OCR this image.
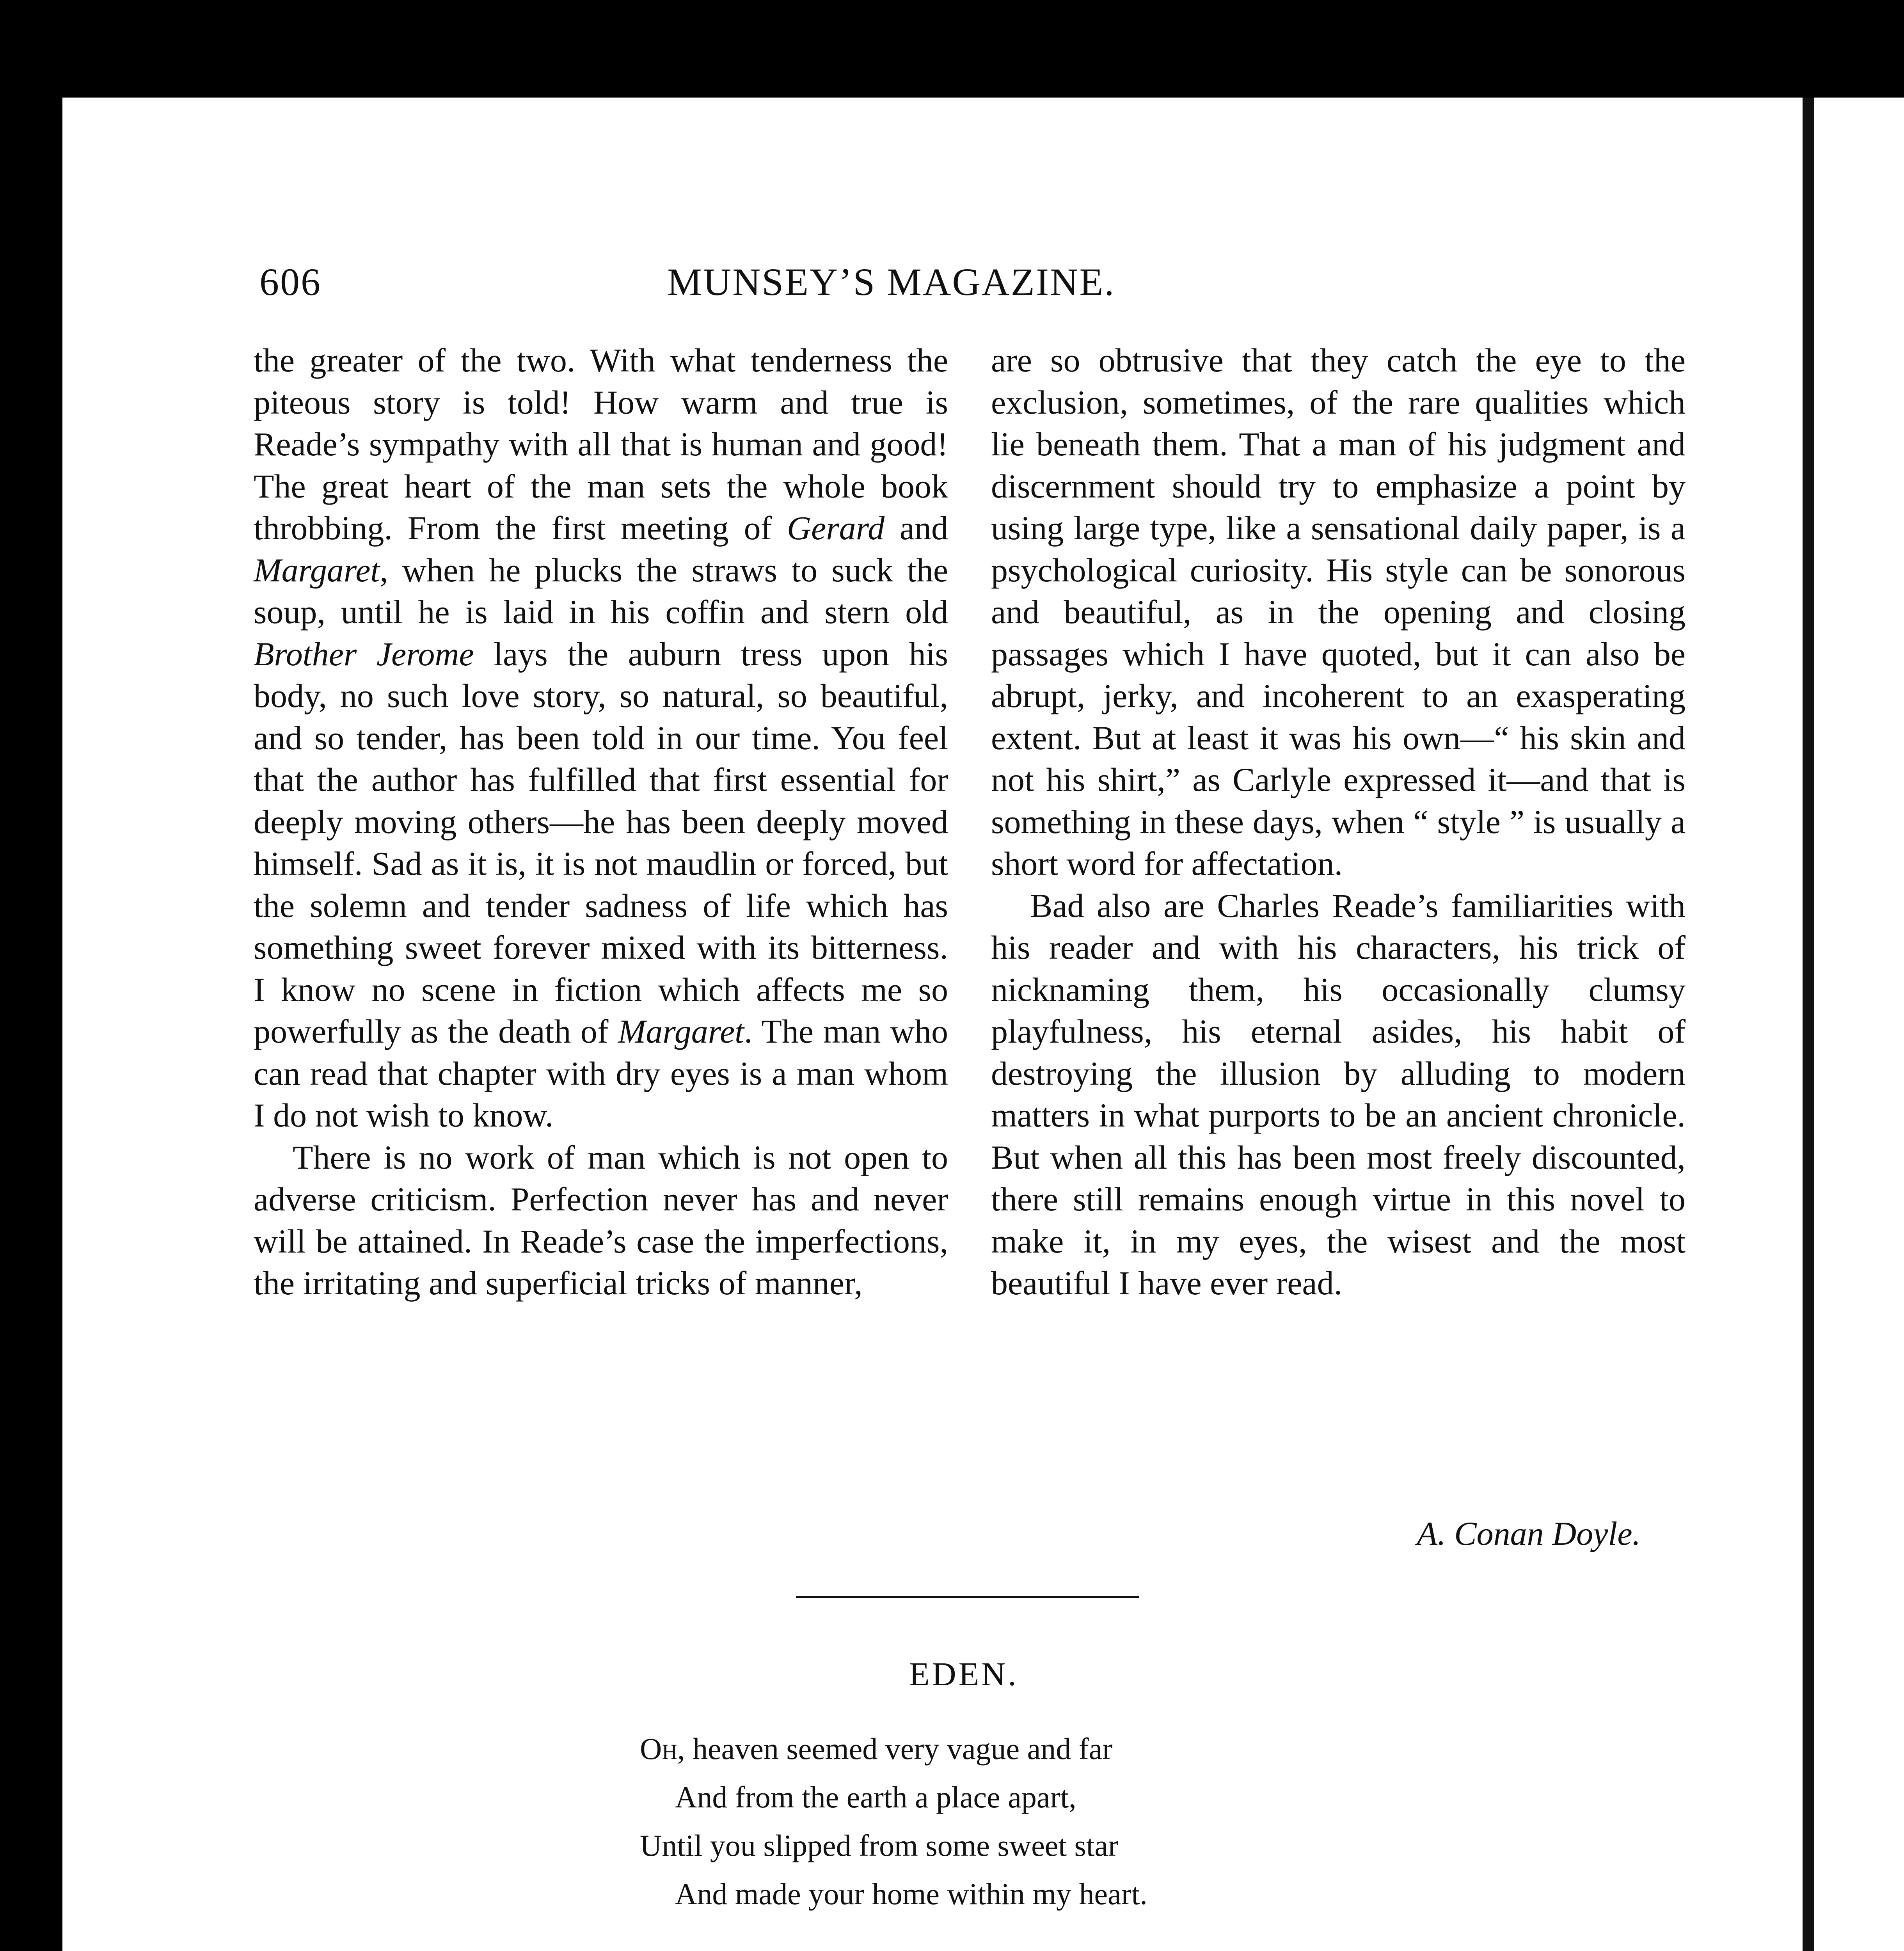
606	MUNSEY’S MAGAZINE.

the greater of the two. With what tenderness the piteous story is told! How warm and true is Reade’s sympathy with all that is human and good! The great heart of the man sets the whole book throbbing. From the first meeting of Gerard and Margaret, when he plucks the straws to suck the soup, until he is laid in his coffin and stern old Brother Jerome lays the auburn tress upon his body, no such love story, so natural, so beautiful, and so tender, has been told in our time. You feel that the author has fulfilled that first essential for deeply moving others—he has been deeply moved himself. Sad as it is, it is not maudlin or forced, but the solemn and tender sadness of life which has something sweet forever mixed with its bitterness. I know no scene in fiction which affects me so powerfully as the death of Margaret. The man who can read that chapter with dry eyes is a man whom I do not wish to know.

There is no work of man which is not open to adverse criticism. Perfection never has and never will be attained. In Reade’s case the imperfections, the irritating and superficial tricks of manner,

are so obtrusive that they catch the eye to the exclusion, sometimes, of the rare qualities which lie beneath them. That a man of his judgment and discernment should try to emphasize a point by using large type, like a sensational daily paper, is a psychological curiosity. His style can be sonorous and beautiful, as in the opening and closing passages which I have quoted, but it can also be abrupt, jerky, and incoherent to an exasperating extent. But at least it was his own—“ his skin and not his shirt,” as Carlyle expressed it—and that is something in these days, when “ style ” is usually a short word for affectation.

Bad also are Charles Reade’s familiarities with his reader and with his characters, his trick of nicknaming them, his occasionally clumsy playfulness, his eternal asides, his habit of destroying the illusion by alluding to modern matters in what purports to be an ancient chronicle. But when all this has been most freely discounted, there still remains enough virtue in this novel to make it, in my eyes, the wisest and the most beautiful I have ever read.

A. Conan Doyle.
EDEN.
Oh, heaven seemed very vague and far
And from the earth a place apart,
Until you slipped from some sweet star
And made your home within my heart.
